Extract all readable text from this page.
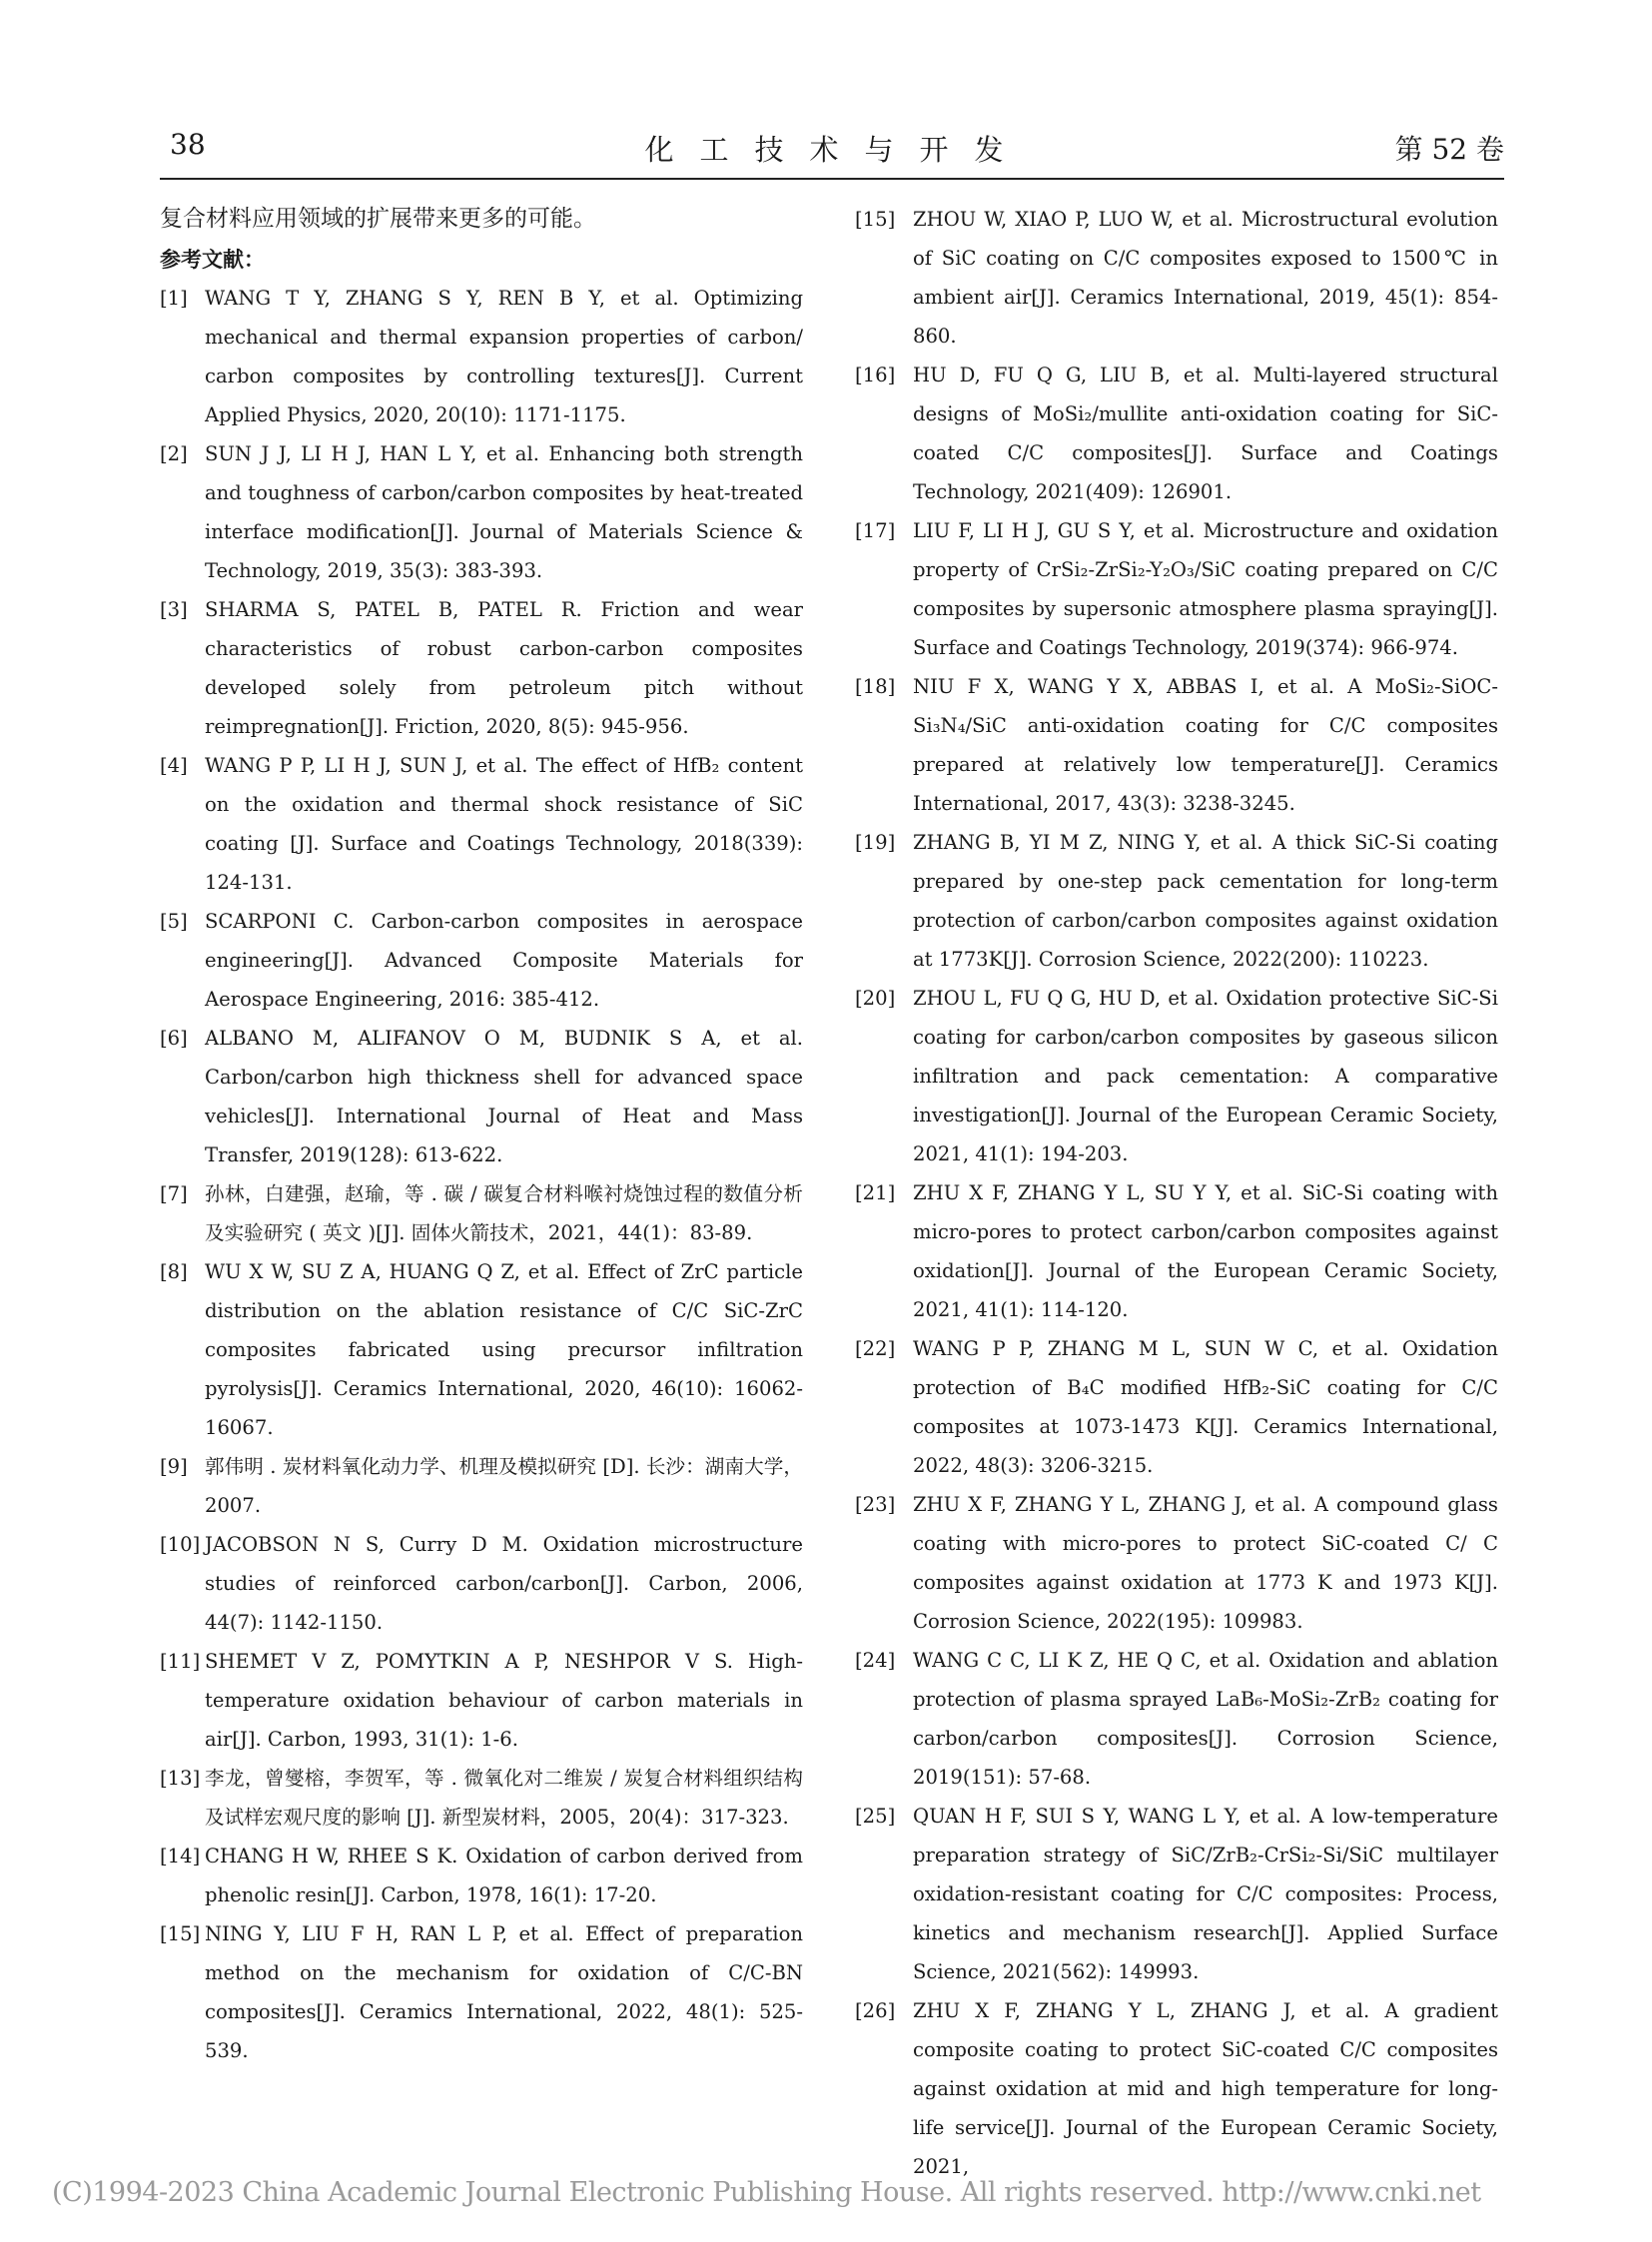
38	化工技术与开发	第 52 卷

复合材料应用领域的扩展带来更多的可能。

参考文献：

[1] WANG T Y, ZHANG S Y, REN B Y, et al. Optimizing mechanical and thermal expansion properties of carbon/ carbon composites by controlling textures[J]. Current Applied Physics, 2020, 20(10): 1171-1175.
[2] SUN J J, LI H J, HAN L Y, et al. Enhancing both strength and toughness of carbon/carbon composites by heat-treated interface modification[J]. Journal of Materials Science & Technology, 2019, 35(3): 383-393.
[3] SHARMA S, PATEL B, PATEL R. Friction and wear characteristics of robust carbon-carbon composites developed solely from petroleum pitch without reimpregnation[J]. Friction, 2020, 8(5): 945-956.
[4] WANG P P, LI H J, SUN J, et al. The effect of HfB₂ content on the oxidation and thermal shock resistance of SiC coating [J]. Surface and Coatings Technology, 2018(339): 124-131.
[5] SCARPONI C. Carbon-carbon composites in aerospace engineering[J]. Advanced Composite Materials for Aerospace Engineering, 2016: 385-412.
[6] ALBANO M, ALIFANOV O M, BUDNIK S A, et al. Carbon/carbon high thickness shell for advanced space vehicles[J]. International Journal of Heat and Mass Transfer, 2019(128): 613-622.
[7] 孙林，白建强，赵瑜，等 . 碳 / 碳复合材料喉衬烧蚀过程的数值分析及实验研究 ( 英文 )[J]. 固体火箭技术，2021，44(1)：83-89.
[8] WU X W, SU Z A, HUANG Q Z, et al. Effect of ZrC particle distribution on the ablation resistance of C/C SiC-ZrC composites fabricated using precursor infiltration pyrolysis[J]. Ceramics International, 2020, 46(10): 16062-16067.
[9] 郭伟明 . 炭材料氧化动力学、机理及模拟研究 [D]. 长沙：湖南大学，2007.
[10] JACOBSON N S, Curry D M. Oxidation microstructure studies of reinforced carbon/carbon[J]. Carbon, 2006, 44(7): 1142-1150.
[11] SHEMET V Z, POMYTKIN A P, NESHPOR V S. High-temperature oxidation behaviour of carbon materials in air[J]. Carbon, 1993, 31(1): 1-6.
[13] 李龙，曾燮榕，李贺军，等 . 微氧化对二维炭 / 炭复合材料组织结构及试样宏观尺度的影响 [J]. 新型炭材料，2005，20(4)：317-323.
[14] CHANG H W, RHEE S K. Oxidation of carbon derived from phenolic resin[J]. Carbon, 1978, 16(1): 17-20.
[15] NING Y, LIU F H, RAN L P, et al. Effect of preparation method on the mechanism for oxidation of C/C-BN composites[J]. Ceramics International, 2022, 48(1): 525-539.
[15] ZHOU W, XIAO P, LUO W, et al. Microstructural evolution of SiC coating on C/C composites exposed to 1500℃ in ambient air[J]. Ceramics International, 2019, 45(1): 854-860.
[16] HU D, FU Q G, LIU B, et al. Multi-layered structural designs of MoSi₂/mullite anti-oxidation coating for SiC-coated C/C composites[J]. Surface and Coatings Technology, 2021(409): 126901.
[17] LIU F, LI H J, GU S Y, et al. Microstructure and oxidation property of CrSi₂-ZrSi₂-Y₂O₃/SiC coating prepared on C/C composites by supersonic atmosphere plasma spraying[J]. Surface and Coatings Technology, 2019(374): 966-974.
[18] NIU F X, WANG Y X, ABBAS I, et al. A MoSi₂-SiOC-Si₃N₄/SiC anti-oxidation coating for C/C composites prepared at relatively low temperature[J]. Ceramics International, 2017, 43(3): 3238-3245.
[19] ZHANG B, YI M Z, NING Y, et al. A thick SiC-Si coating prepared by one-step pack cementation for long-term protection of carbon/carbon composites against oxidation at 1773K[J]. Corrosion Science, 2022(200): 110223.
[20] ZHOU L, FU Q G, HU D, et al. Oxidation protective SiC-Si coating for carbon/carbon composites by gaseous silicon infiltration and pack cementation: A comparative investigation[J]. Journal of the European Ceramic Society, 2021, 41(1): 194-203.
[21] ZHU X F, ZHANG Y L, SU Y Y, et al. SiC-Si coating with micro-pores to protect carbon/carbon composites against oxidation[J]. Journal of the European Ceramic Society, 2021, 41(1): 114-120.
[22] WANG P P, ZHANG M L, SUN W C, et al. Oxidation protection of B₄C modified HfB₂-SiC coating for C/C composites at 1073-1473 K[J]. Ceramics International, 2022, 48(3): 3206-3215.
[23] ZHU X F, ZHANG Y L, ZHANG J, et al. A compound glass coating with micro-pores to protect SiC-coated C/ C composites against oxidation at 1773 K and 1973 K[J]. Corrosion Science, 2022(195): 109983.
[24] WANG C C, LI K Z, HE Q C, et al. Oxidation and ablation protection of plasma sprayed LaB₆-MoSi₂-ZrB₂ coating for carbon/carbon composites[J]. Corrosion Science, 2019(151): 57-68.
[25] QUAN H F, SUI S Y, WANG L Y, et al. A low-temperature preparation strategy of SiC/ZrB₂-CrSi₂-Si/SiC multilayer oxidation-resistant coating for C/C composites: Process, kinetics and mechanism research[J]. Applied Surface Science, 2021(562): 149993.
[26] ZHU X F, ZHANG Y L, ZHANG J, et al. A gradient composite coating to protect SiC-coated C/C composites against oxidation at mid and high temperature for long-life service[J]. Journal of the European Ceramic Society, 2021,
(C)1994-2023 China Academic Journal Electronic Publishing House. All rights reserved. http://www.cnki.net
